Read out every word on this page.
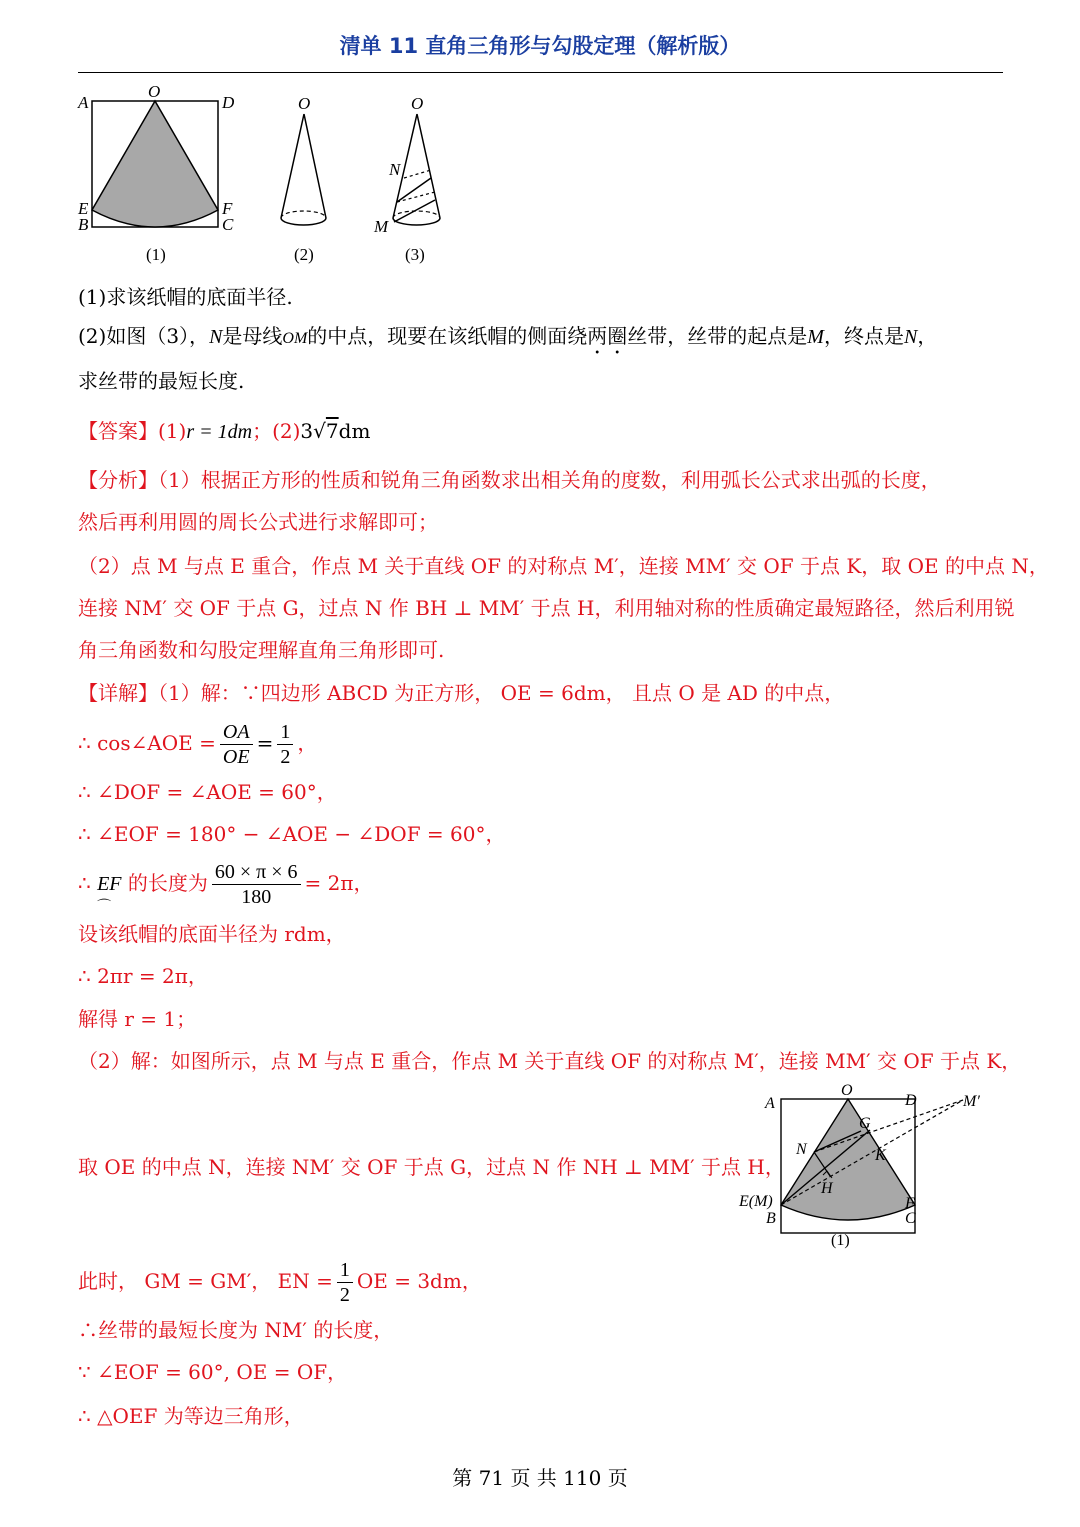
清单 11 直角三角形与勾股定理（解析版）
A
O
D
E
B
F
C
(1)
O
(2)
O
N
M
(3)
(1)求该纸帽的底面半径.
(2)如图（3），N是母线OM的中点，现要在该纸帽的侧面绕两圈丝带，丝带的起点是M，终点是N，
求丝带的最短长度.
【答案】(1)r = 1dm；(2)3√7dm
【分析】（1）根据正方形的性质和锐角三角函数求出相关角的度数，利用弧长公式求出弧的长度，
然后再利用圆的周长公式进行求解即可；
（2）点 M 与点 E 重合，作点 M 关于直线 OF 的对称点 M′，连接 MM′ 交 OF 于点 K，取 OE 的中点 N，
连接 NM′ 交 OF 于点 G，过点 N 作 BH ⊥ MM′ 于点 H，利用轴对称的性质确定最短路径，然后利用锐
角三角函数和勾股定理解直角三角形即可.
【详解】（1）解：∵四边形 ABCD 为正方形， OE = 6dm， 且点 O 是 AD 的中点，
∴ cos∠AOE = $\frac{OA}{OE} = \frac{1}{2}$ ，
∴ ∠DOF = ∠AOE = 60°，
∴ ∠EOF = 180° − ∠AOE − ∠DOF = 60°，
∴
⌒
EF 的长度为 $\frac{60 \times \pi \times 6}{180} = 2\pi$，
设该纸帽的底面半径为 rdm，
∴ 2πr = 2π，
解得 r = 1；
（2）解：如图所示，点 M 与点 E 重合，作点 M 关于直线 OF 的对称点 M′，连接 MM′ 交 OF 于点 K，
取 OE 的中点 N，连接 NM′ 交 OF 于点 G，过点 N 作 NH ⊥ MM′ 于点 H，
此时， GM = GM′， EN = $\frac{1}{2}$ OE = 3dm，
∴丝带的最短长度为 NM′ 的长度，
∵ ∠EOF = 60°, OE = OF，
∴ △OEF 为等边三角形，
O
A	D	M′
G
N	K
H
E(M)
B
F
C
(1)
第 71 页 共 110 页
